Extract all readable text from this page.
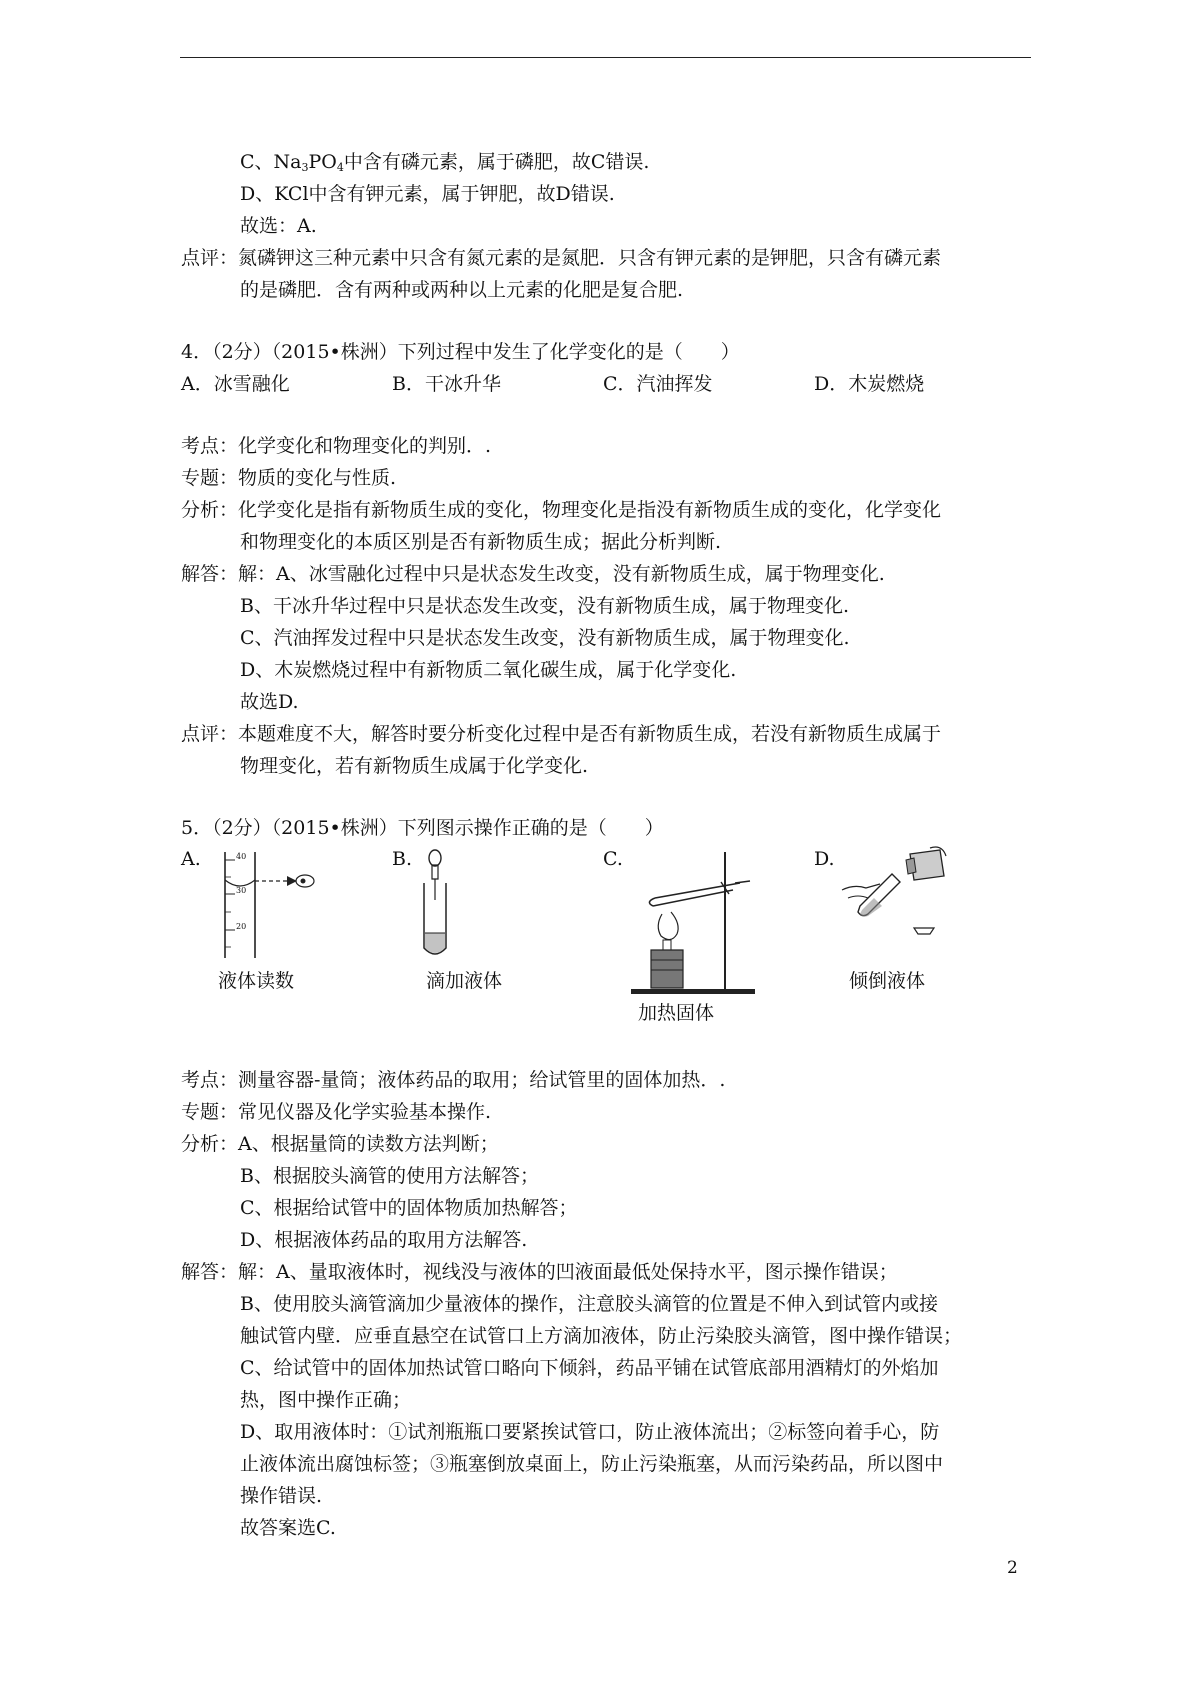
C、$Na_3PO_4$中含有磷元素，属于磷肥，故C错误.
D、KCl中含有钾元素，属于钾肥，故D错误.
故选：A.
点评：氮磷钾这三种元素中只含有氮元素的是氮肥．只含有钾元素的是钾肥，只含有磷元素
的是磷肥．含有两种或两种以上元素的化肥是复合肥.
4．（2分）（2015•株洲）下列过程中发生了化学变化的是（　　）
A．冰雪融化	B．干冰升华	C．汽油挥发	D．木炭燃烧
考点：化学变化和物理变化的判别．.
专题：物质的变化与性质.
分析：化学变化是指有新物质生成的变化，物理变化是指没有新物质生成的变化，化学变化
和物理变化的本质区别是否有新物质生成；据此分析判断.
解答：解：A、冰雪融化过程中只是状态发生改变，没有新物质生成，属于物理变化.
B、干冰升华过程中只是状态发生改变，没有新物质生成，属于物理变化.
C、汽油挥发过程中只是状态发生改变，没有新物质生成，属于物理变化.
D、木炭燃烧过程中有新物质二氧化碳生成，属于化学变化.
故选D.
点评：本题难度不大，解答时要分析变化过程中是否有新物质生成，若没有新物质生成属于
物理变化，若有新物质生成属于化学变化.
5．（2分）（2015•株洲）下列图示操作正确的是（　　）
A.	B.	C.	D.
40
30
20
液体读数	滴加液体
加热固体
倾倒液体
考点：测量容器-量筒；液体药品的取用；给试管里的固体加热．.
专题：常见仪器及化学实验基本操作.
分析：A、根据量筒的读数方法判断；
B、根据胶头滴管的使用方法解答；
C、根据给试管中的固体物质加热解答；
D、根据液体药品的取用方法解答.
解答：解：A、量取液体时，视线没与液体的凹液面最低处保持水平，图示操作错误；
B、使用胶头滴管滴加少量液体的操作，注意胶头滴管的位置是不伸入到试管内或接
触试管内壁．应垂直悬空在试管口上方滴加液体，防止污染胶头滴管，图中操作错误；
C、给试管中的固体加热试管口略向下倾斜，药品平铺在试管底部用酒精灯的外焰加
热，图中操作正确；
D、取用液体时：①试剂瓶瓶口要紧挨试管口，防止液体流出；②标签向着手心，防
止液体流出腐蚀标签；③瓶塞倒放桌面上，防止污染瓶塞，从而污染药品，所以图中
操作错误.
故答案选C.
2
